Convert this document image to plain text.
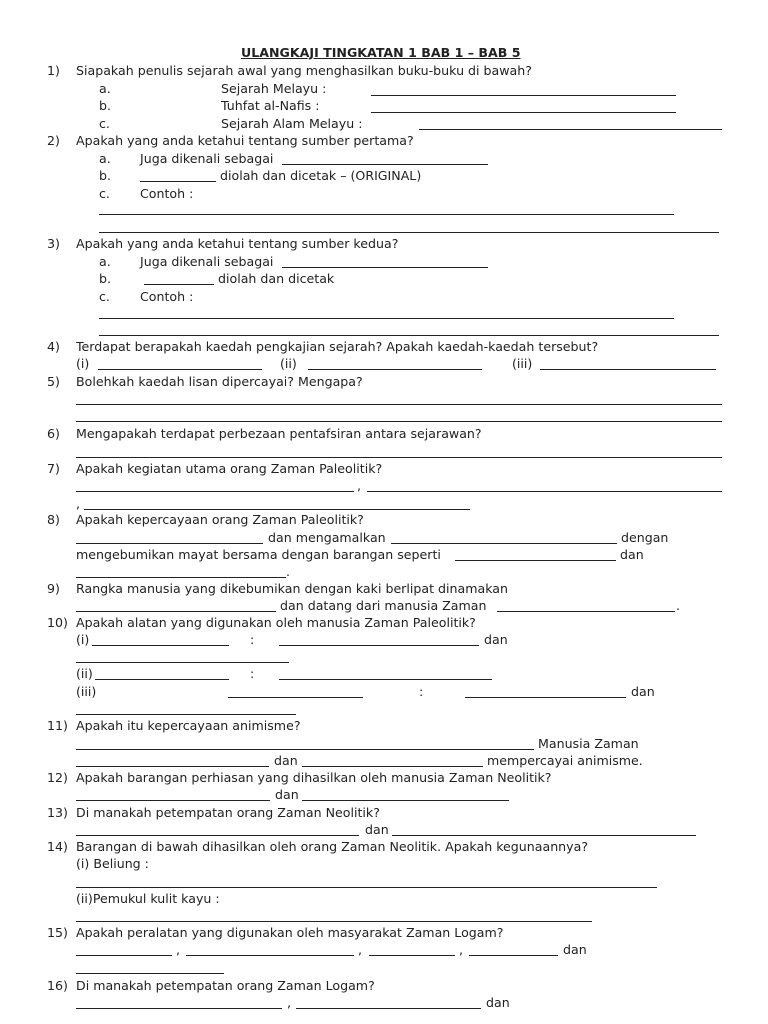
ULANGKAJI TINGKATAN 1 BAB 1 – BAB 5
1) Siapakah penulis sejarah awal yang menghasilkan buku-buku di bawah?
a.	Sejarah Melayu :
b.	Tuhfat al-Nafis :
c.	Sejarah Alam Melayu :
2) Apakah yang anda ketahui tentang sumber pertama?
a. Juga dikenali sebagai
b.	diolah dan dicetak – (ORIGINAL)
c. Contoh :
3) Apakah yang anda ketahui tentang sumber kedua?
a. Juga dikenali sebagai
b.	diolah dan dicetak
c. Contoh :
4) Terdapat berapakah kaedah pengkajian sejarah? Apakah kaedah-kaedah tersebut?
(i)	(ii)	(iii)
5) Bolehkah kaedah lisan dipercayai? Mengapa?
6) Mengapakah terdapat perbezaan pentafsiran antara sejarawan?
7) Apakah kegiatan utama orang Zaman Paleolitik?
,
,
8) Apakah kepercayaan orang Zaman Paleolitik?
dan mengamalkan	dengan
mengebumikan mayat bersama dengan barangan seperti	dan
.
9) Rangka manusia yang dikebumikan dengan kaki berlipat dinamakan
dan datang dari manusia Zaman	.
10) Apakah alatan yang digunakan oleh manusia Zaman Paleolitik?
(i)	:	dan
(ii)	:
(iii)	:	dan
11) Apakah itu kepercayaan animisme?
Manusia Zaman
dan	mempercayai animisme.
12) Apakah barangan perhiasan yang dihasilkan oleh manusia Zaman Neolitik?
dan
13) Di manakah petempatan orang Zaman Neolitik?
dan
14) Barangan di bawah dihasilkan oleh orang Zaman Neolitik. Apakah kegunaannya?
(i) Beliung :
(ii)Pemukul kulit kayu :
15) Apakah peralatan yang digunakan oleh masyarakat Zaman Logam?
,	,	,	dan
16) Di manakah petempatan orang Zaman Logam?
,	dan
